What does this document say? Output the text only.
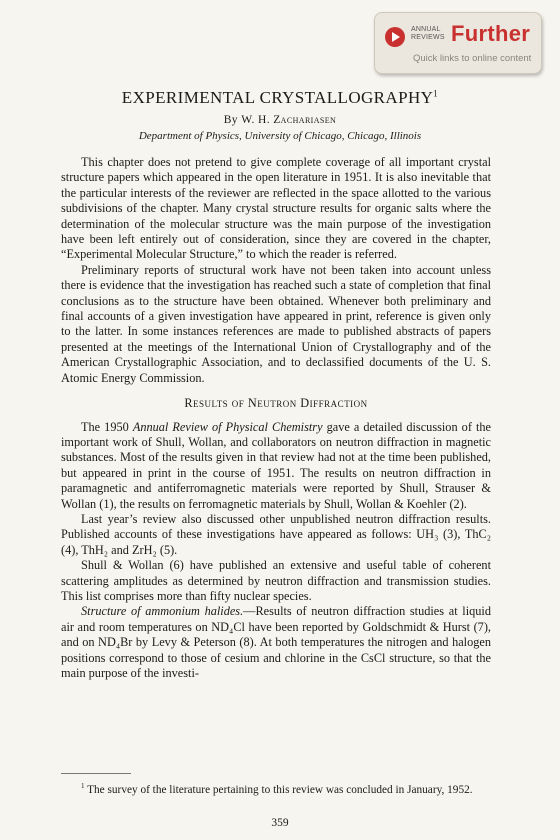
ANNUAL
REVIEWS Further
Quick links to online content
EXPERIMENTAL CRYSTALLOGRAPHY$^1$
By W. H. Zachariasen
Department of Physics, University of Chicago, Chicago, Illinois

This chapter does not pretend to give complete coverage of all important crystal structure papers which appeared in the open literature in 1951. It is also inevitable that the particular interests of the reviewer are reflected in the space allotted to the various subdivisions of the chapter. Many crystal structure results for organic salts where the determination of the molecular structure was the main purpose of the investigation have been left entirely out of consideration, since they are covered in the chapter, “Experimental Molecular Structure,” to which the reader is referred.

Preliminary reports of structural work have not been taken into account unless there is evidence that the investigation has reached such a state of completion that final conclusions as to the structure have been obtained. Whenever both preliminary and final accounts of a given investigation have appeared in print, reference is given only to the latter. In some instances references are made to published abstracts of papers presented at the meetings of the International Union of Crystallography and of the American Crystallographic Association, and to declassified documents of the U. S. Atomic Energy Commission.

Results of Neutron Diffraction

The 1950 Annual Review of Physical Chemistry gave a detailed discussion of the important work of Shull, Wollan, and collaborators on neutron diffraction in magnetic substances. Most of the results given in that review had not at the time been published, but appeared in print in the course of 1951. The results on neutron diffraction in paramagnetic and antiferromagnetic materials were reported by Shull, Strauser & Wollan (1), the results on ferromagnetic materials by Shull, Wollan & Koehler (2).

Last year’s review also discussed other unpublished neutron diffraction results. Published accounts of these investigations have appeared as follows: UH₃ (3), ThC₂ (4), ThH₂ and ZrH₂ (5).

Shull & Wollan (6) have published an extensive and useful table of coherent scattering amplitudes as determined by neutron diffraction and transmission studies. This list comprises more than fifty nuclear species.

Structure of ammonium halides.—Results of neutron diffraction studies at liquid air and room temperatures on ND₄Cl have been reported by Goldschmidt & Hurst (7), and on ND₄Br by Levy & Peterson (8). At both temperatures the nitrogen and halogen positions correspond to those of cesium and chlorine in the CsCl structure, so that the main purpose of the investi-

$^1$ The survey of the literature pertaining to this review was concluded in January, 1952.
359
